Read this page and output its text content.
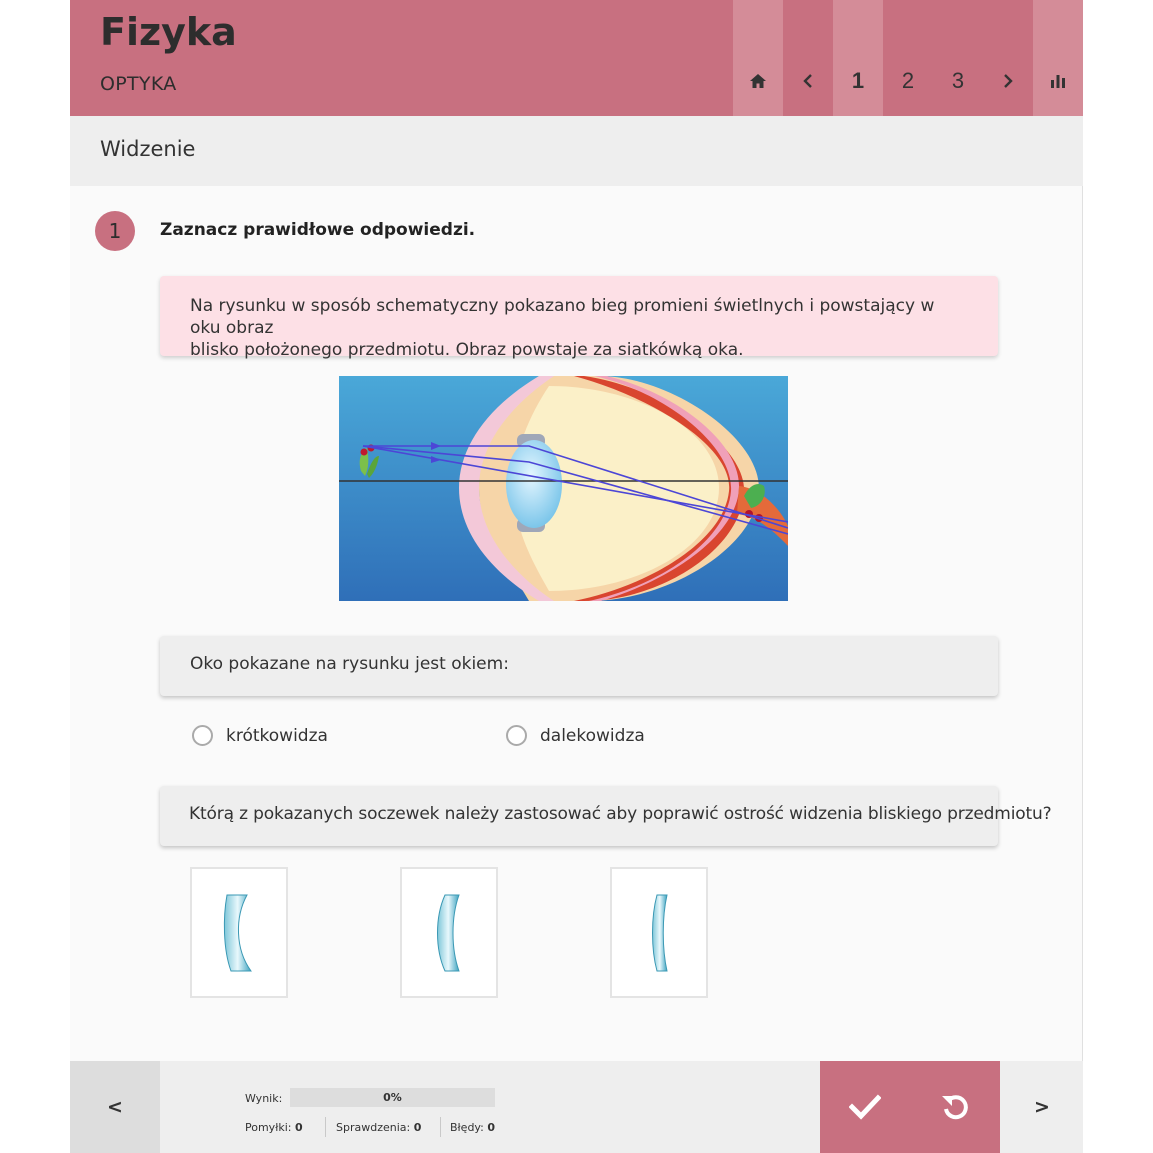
Fizyka
OPTYKA	1	2	3
Widzenie
1	Zaznacz prawidłowe odpowiedzi.
Na rysunku w sposób schematyczny pokazano bieg promieni świetlnych i powstający w oku obraz
blisko położonego przedmiotu. Obraz powstaje za siatkówką oka.
Oko pokazane na rysunku jest okiem:
krótkowidza	dalekowidza
Którą z pokazanych soczewek należy zastosować aby poprawić ostrość widzenia bliskiego przedmiotu?
<	Wynik:	0%
Pomyłki: 0	Sprawdzenia: 0	Błędy: 0
>
